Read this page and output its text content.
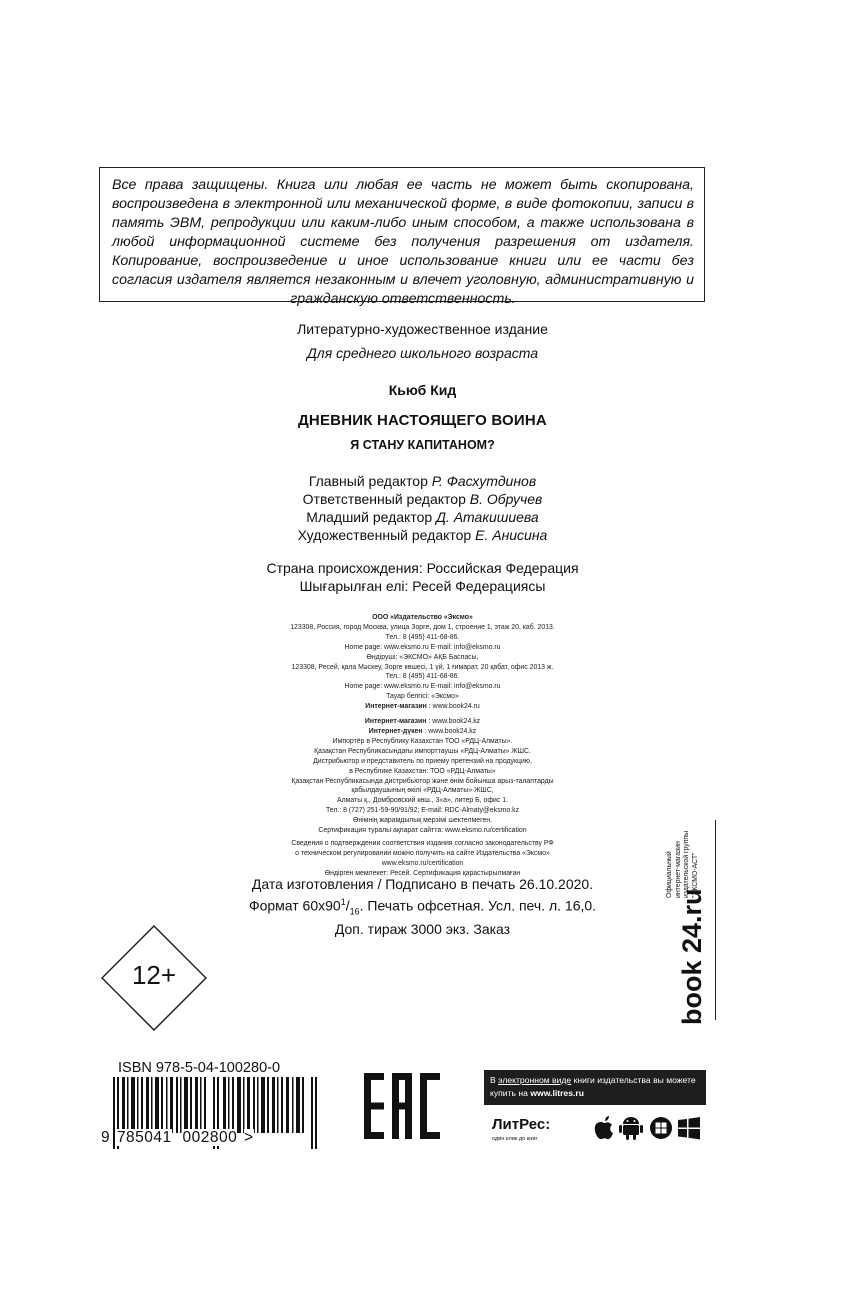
Все права защищены. Книга или любая ее часть не может быть скопирована, воспроизведена в электронной или механической форме, в виде фотокопии, записи в память ЭВМ, репродукции или каким-либо иным способом, а также использована в любой информационной системе без получения разрешения от издателя. Копирование, воспроизведение и иное использование книги или ее части без согласия издателя является незаконным и влечет уголовную, административную и гражданскую ответственность.

Литературно-художественное издание
Для среднего школьного возраста
Кьюб Кид
ДНЕВНИК НАСТОЯЩЕГО ВОИНА
Я СТАНУ КАПИТАНОМ?
Главный редактор Р. Фасхутдинов
Ответственный редактор В. Обручев
Младший редактор Д. Атакишиева
Художественный редактор Е. Анисина
Страна происхождения: Российская Федерация
Шығарылған елі: Ресей Федерациясы
ООО «Издательство «Эксмо»
123308, Россия, город Москва, улица Зорге, дом 1, строение 1, этаж 20, каб. 2013.
Тел.: 8 (495) 411-68-86.
Home page: www.eksmo.ru E-mail: info@eksmo.ru
Өндіруші: «ЭКСМО» АҚБ Баспасы,
123308, Ресей, қала Мәскеу, Зорге көшесі, 1 үй, 1 ғимарат, 20 қабат, офис 2013 ж.
Тел.: 8 (495) 411-68-86.
Home page: www.eksmo.ru E-mail: info@eksmo.ru
Тауар белгісі: «Эксмо»
Интернет-магазин : www.book24.ru
Интернет-магазин : www.book24.kz
Интернет-дүкен : www.book24.kz
Импортёр в Республику Казахстан ТОО «РДЦ-Алматы».
Қазақстан Республикасындағы импорттаушы «РДЦ-Алматы» ЖШС.
Дистрибьютор и представитель по приему претензий на продукцию,
в Республике Казахстан: ТОО «РДЦ-Алматы»
Қазақстан Республикасында дистрибьютор және өнім бойынша арыз-талаптарды
қабылдаушының өкілі «РДЦ-Алматы» ЖШС,
Алматы қ., Домбровский көш., 3«а», литер Б, офис 1.
Тел.: 8 (727) 251-59-90/91/92; E-mail: RDC-Almaty@eksmo.kz
Өнімнің жарамдылық мерзімі шектелмеген.
Сертификация туралы ақпарат сайтта: www.eksmo.ru/certification
Сведения о подтверждении соответствия издания согласно законодательству РФ
о техническом регулировании можно получить на сайте Издательства «Эксмо»
www.eksmo.ru/certification
Өндірген мемлекет: Ресей. Сертификация қарастырылмаған
Дата изготовления / Подписано в печать 26.10.2020.
Формат $60х90^1/_{16}$. Печать офсетная. Усл. печ. л. 16,0.
Доп. тираж 3000 экз. Заказ
12+
Официальный интернет-магазин издательской группы "ЭКСМО-АСТ"
book 24.ru
ISBN 978-5-04-100280-0
9 785041 002800 >
В электронном виде книги издательства вы можете
купить на www.litres.ru
ЛитРес:
один клик до книг
